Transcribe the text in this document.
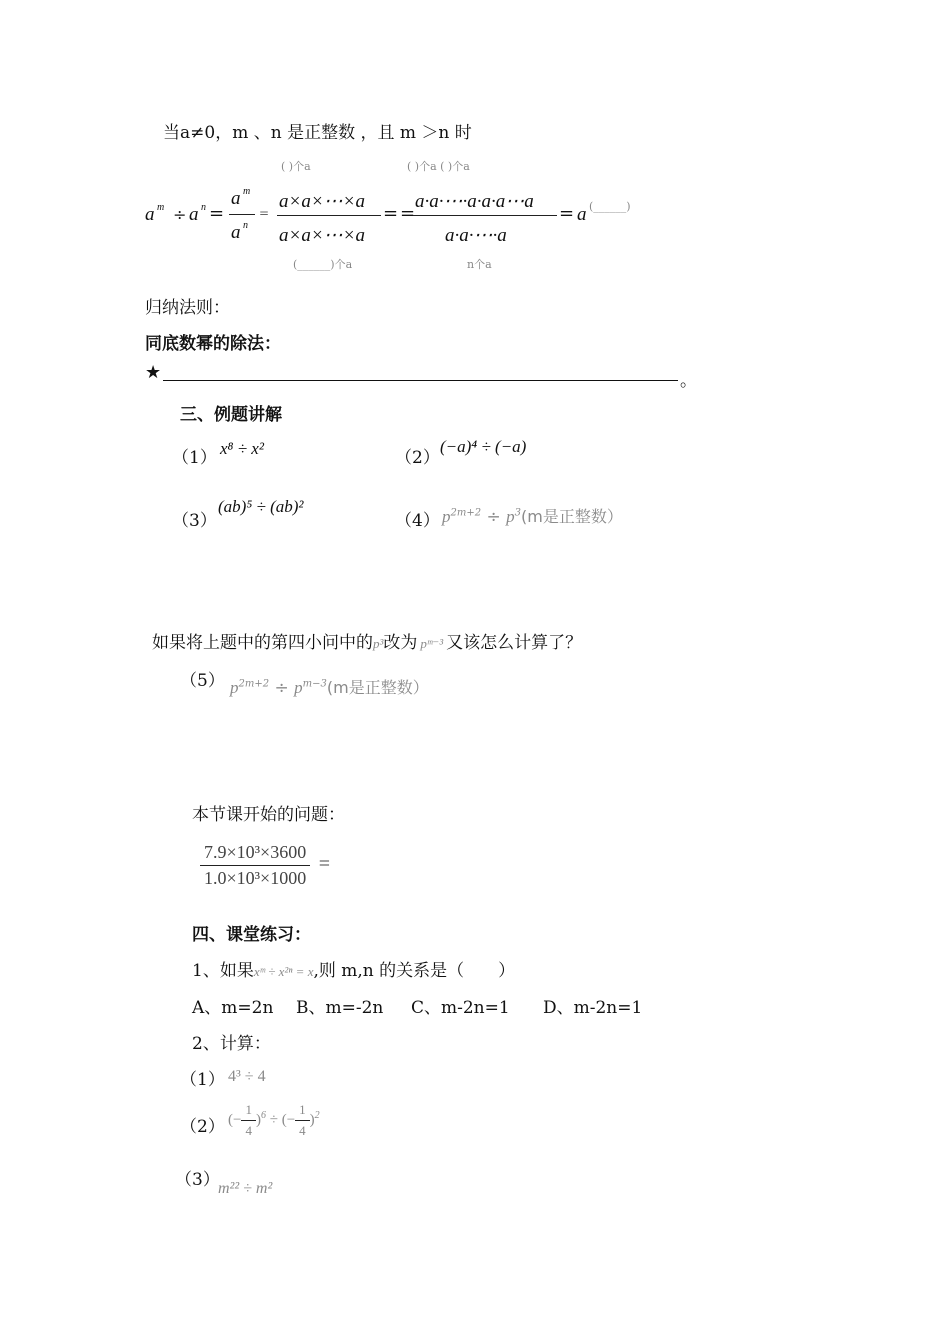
当a≠0，m 、n 是正整数 ，且 m ＞n 时
a m ÷ a n =
a m
a n
=
( )个a
a×a×⋯×a
a×a×⋯×a
(______)个a
= =
( )个a ( )个a
a·a·⋯·a·a·a⋯a
a·a·⋯·a
n个a
= a (______)
归纳法则：
同底数幂的除法：
★	。
三、例题讲解
（1） x⁸ ÷ x²	（2）
(−a)⁴ ÷ (−a)
（3）
(ab)⁵ ÷ (ab)²
（4） $p^{2m+2} \div p^3(m$是正整数）
如果将上题中的第四小问中的p³改为 pᵐ⁻³ 又该怎么计算了？
（5） $p^{2m+2} \div p^{m-3}(m$是正整数）
本节课开始的问题：
$\frac{\text{7.9×10³×3600}}{\text{1.0×10³×1000}}$ =
四、课堂练习：
1、如果xᵐ ÷ x²ⁿ = x,则 m,n 的关系是（　　）
A、m=2n B、m=-2n C、m-2n=1 D、m-2n=1
2、计算：
（1） 4³ ÷ 4
（2） (− $\frac{1}{4} )^6$ ÷ (− $\frac{1}{4} )^2$
（3）
m²² ÷ m²
